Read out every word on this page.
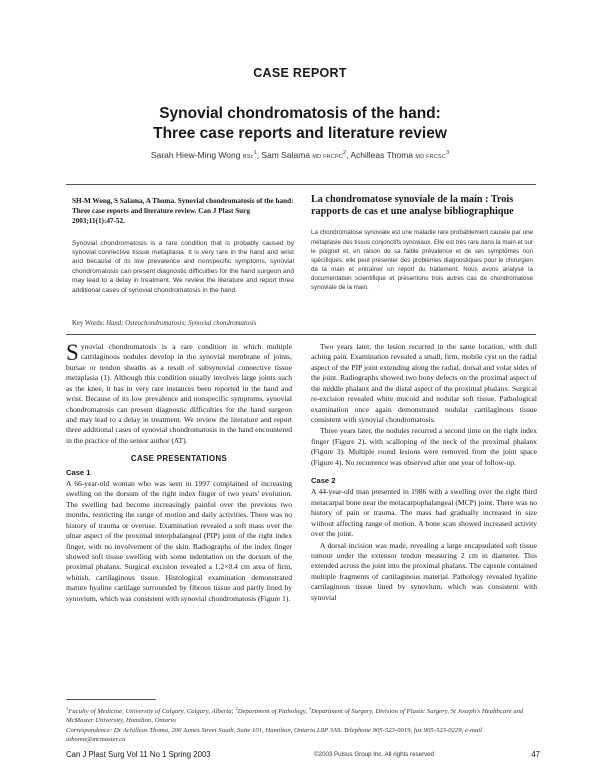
CASE REPORT
Synovial chondromatosis of the hand:
Three case reports and literature review
Sarah Hiew-Ming Wong BSc$^1$, Sam Salama MD FRCPC$^2$, Achilleas Thoma MD FRCSC$^3$
SH-M Wong, S Salama, A Thoma. Synovial chondromatosis of the hand: Three case reports and literature review. Can J Plast Surg 2003;11(1):47-52.
Synovial chondromatosis is a rare condition that is probably caused by synovial connective tissue metaplasia. It is very rare in the hand and wrist and because of its low prevalence and nonspecific symptoms, synovial chondromatosis can present diagnostic difficulties for the hand surgeon and may lead to a delay in treatment. We review the literature and report three additional cases of synovial chondromatosis in the hand.
La chondromatose synoviale de la main : Trois rapports de cas et une analyse bibliographique
La chondromatose synoviale est une maladie rare probablement causée par une métaplasie des tissus conjonctifs synoviaux. Elle est très rare dans la main et sur le poignet et, en raison de sa faible prévalence et de ses symptômes non spécifiques, elle peut présenter des problèmes diagnostiques pour le chirurgien de la main et entraîner un report du traitement. Nous avons analysé la documentation scientifique et présentons trois autres cas de chondromatose synoviale de la main.
Key Words: Hand; Osteochondromatosis; Synovial chondromatosis

Synovial chondromatosis is a rare condition in which multiple cartilaginous nodules develop in the synovial membrane of joints, bursae or tendon sheaths as a result of subsynovial connective tissue metaplasia (1). Although this condition usually involves large joints such as the knee, it has in very rare instances been reported in the hand and wrist. Because of its low prevalence and nonspecific symptoms, synovial chondromatosis can present diagnostic difficulties for the hand surgeon and may lead to a delay in treatment. We review the literature and report three additional cases of synovial chondromatosis in the hand encountered in the practice of the senior author (AT).

CASE PRESENTATIONS
Case 1

A 66-year-old woman who was seen in 1997 complained of increasing swelling on the dorsum of the right index finger of two years' evolution. The swelling had become increasingly painful over the previous two months, restricting the range of motion and daily activities. There was no history of trauma or overuse. Examination revealed a soft mass over the ulnar aspect of the proximal interphalangeal (PIP) joint of the right index finger, with no involvement of the skin. Radiographs of the index finger showed soft tissue swelling with some indentation on the dorsum of the proximal phalanx. Surgical excision revealed a 1.2×0.4 cm area of firm, whitish, cartilaginous tissue. Histological examination demonstrated mature hyaline cartilage surrounded by fibrous tissue and partly lined by synovium, which was consistent with synovial chondromatosis (Figure 1).

Two years later, the lesion recurred in the same location, with dull aching pain. Examination revealed a small, firm, mobile cyst on the radial aspect of the PIP joint extending along the radial, dorsal and volar sides of the joint. Radiographs showed two bony defects on the proximal aspect of the middle phalanx and the distal aspect of the proximal phalanx. Surgical re-excision revealed white mucoid and nodular soft tissue. Pathological examination once again demonstrated nodular cartilaginous tissue consistent with synovial chondromatosis.

Three years later, the nodules recurred a second time on the right index finger (Figure 2), with scalloping of the neck of the proximal phalanx (Figure 3). Multiple round lesions were removed from the joint space (Figure 4). No recurrence was observed after one year of follow-up.

Case 2

A 44-year-old man presented in 1986 with a swelling over the right third metacarpal bone near the metacarpophalangeal (MCP) joint. There was no history of pain or trauma. The mass had gradually increased in size without affecting range of motion. A bone scan showed increased activity over the joint.

A dorsal incision was made, revealing a large encapsulated soft tissue tumour under the extensor tendon measuring 2 cm in diameter. This extended across the joint into the proximal phalanx. The capsule contained multiple fragments of cartilaginous material. Pathology revealed hyaline cartilaginous tissue lined by synovium, which was consistent with synovial

$^1$Faculty of Medicine, University of Calgary, Calgary, Alberta; $^2$Department of Pathology, $^3$Department of Surgery, Division of Plastic Surgery, St Joseph's Healthcare and McMaster University, Hamilton, Ontario
Correspondence: Dr Achilleas Thoma, 206 James Street South, Suite 101, Hamilton, Ontario L8P 3A9. Telephone 905-523-0019, fax 905-523-0229, e-mail athoma@mcmaster.ca
Can J Plast Surg Vol 11 No 1 Spring 2003	©2003 Pulsus Group Inc. All rights reserved	47
